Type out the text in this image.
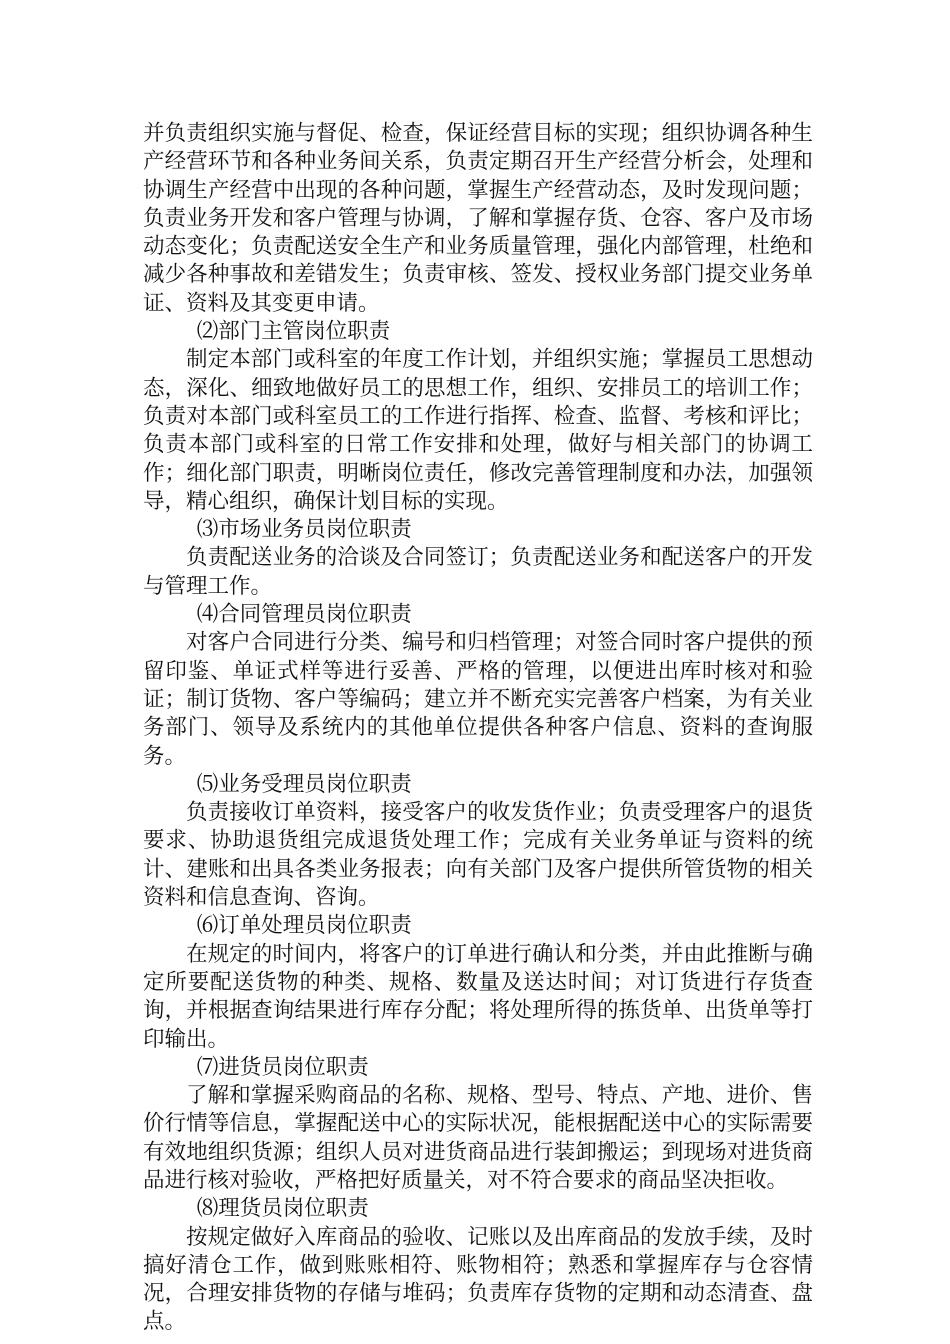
并负责组织实施与督促、检查，保证经营目标的实现；组织协调各种生产经营环节和各种业务间关系，负责定期召开生产经营分析会，处理和协调生产经营中出现的各种问题，掌握生产经营动态，及时发现问题；负责业务开发和客户管理与协调，了解和掌握存货、仓容、客户及市场动态变化；负责配送安全生产和业务质量管理，强化内部管理，杜绝和减少各种事故和差错发生；负责审核、签发、授权业务部门提交业务单证、资料及其变更申请。

⑵部门主管岗位职责

制定本部门或科室的年度工作计划，并组织实施；掌握员工思想动态，深化、细致地做好员工的思想工作，组织、安排员工的培训工作；负责对本部门或科室员工的工作进行指挥、检查、监督、考核和评比；负责本部门或科室的日常工作安排和处理，做好与相关部门的协调工作；细化部门职责，明晰岗位责任，修改完善管理制度和办法，加强领导，精心组织，确保计划目标的实现。

⑶市场业务员岗位职责

负责配送业务的洽谈及合同签订；负责配送业务和配送客户的开发与管理工作。

⑷合同管理员岗位职责

对客户合同进行分类、编号和归档管理；对签合同时客户提供的预留印鉴、单证式样等进行妥善、严格的管理，以便进出库时核对和验证；制订货物、客户等编码；建立并不断充实完善客户档案，为有关业务部门、领导及系统内的其他单位提供各种客户信息、资料的查询服务。

⑸业务受理员岗位职责

负责接收订单资料，接受客户的收发货作业；负责受理客户的退货要求、协助退货组完成退货处理工作；完成有关业务单证与资料的统计、建账和出具各类业务报表；向有关部门及客户提供所管货物的相关资料和信息查询、咨询。

⑹订单处理员岗位职责

在规定的时间内，将客户的订单进行确认和分类，并由此推断与确定所要配送货物的种类、规格、数量及送达时间；对订货进行存货查询，并根据查询结果进行库存分配；将处理所得的拣货单、出货单等打印输出。

⑺进货员岗位职责

了解和掌握采购商品的名称、规格、型号、特点、产地、进价、售价行情等信息，掌握配送中心的实际状况，能根据配送中心的实际需要有效地组织货源；组织人员对进货商品进行装卸搬运；到现场对进货商品进行核对验收，严格把好质量关，对不符合要求的商品坚决拒收。

⑻理货员岗位职责

按规定做好入库商品的验收、记账以及出库商品的发放手续，及时搞好清仓工作，做到账账相符、账物相符；熟悉和掌握库存与仓容情况，合理安排货物的存储与堆码；负责库存货物的定期和动态清查、盘点。
